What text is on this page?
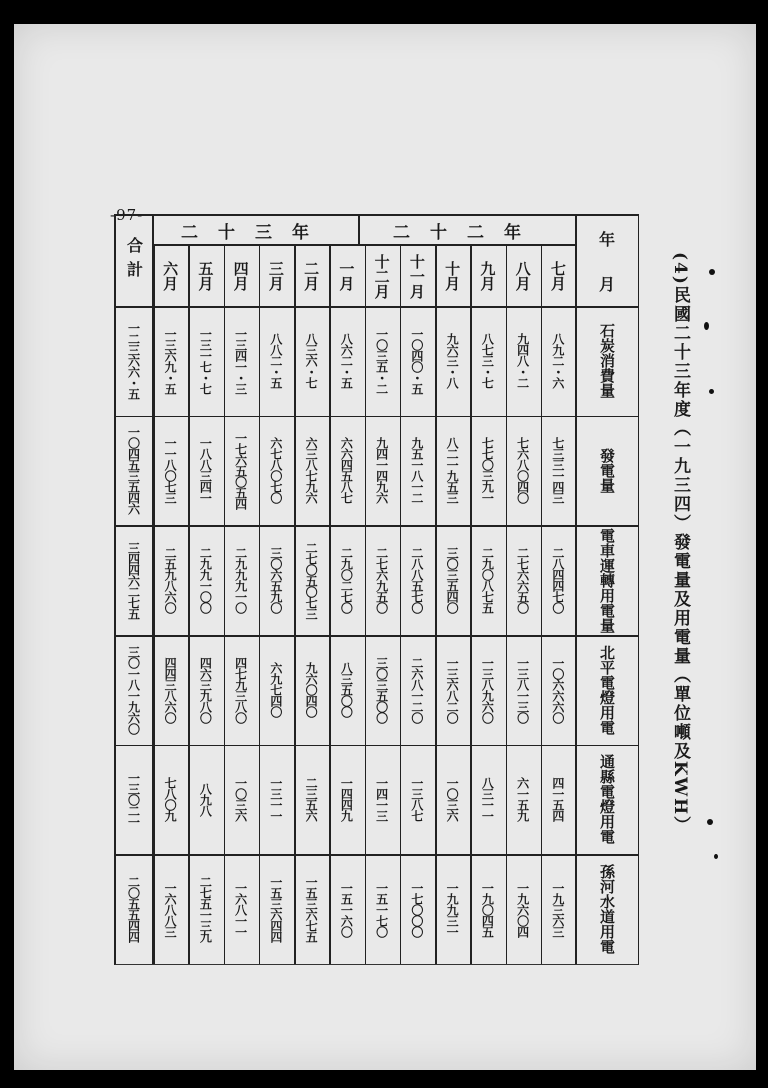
-97-
(4)民國二十三年度（一九三四）發電量及用電量（單位噸及KWH）
二十三年	二十二年
合計	年
月
七月
八月
九月
十月
十一月
十二月
一月
二月
三月
四月
五月
六月
石炭消費量
八九二・六
九四八・二
八七三・七
九六三・八
一〇四〇・五
一〇三五・二
八六二・五
八三六・七
八八二・五
一三四一・三
一三一七・七
一三六九・五
一二三六六・五
發電量
七三三一四三
七六八〇四〇
七七〇三九一
八二一九五三
九五一八一二
九四一四九六
六六四五八七
六三八七九六
六七八〇七〇
一七六五〇五四
一八八三四一
一一八〇七三
一〇四五三五四六
電車運轉用電量
二八四四七〇
二七六六五〇
二九〇八七五
三〇三五四〇
二八八五七〇
二七六九五〇
二九〇二七〇
二七〇五〇七三
三〇六五九〇
二九九九一〇
二九九一〇〇
二五九八六〇
三四四六二七五
北平電燈用電
一〇六六六〇
一三八一三〇
一三八九六〇
一三六八二〇
二六八一二〇
三〇三五〇〇
八三五〇〇
九六〇四〇
六九七四〇
四七九三八〇
四六三九八〇
四四三八六〇
三〇一八一九六〇
通縣電燈用電
四一五四
六一五九
八三一一
一〇三六
一三八七
一四一三
一四四九
二三五六
一三一一
一〇三六
八九八
七八〇九
一三〇二一
孫河水道用電
一九三六三
一九六〇四
一九〇四五
一九九三一
一七〇〇〇
一五一七〇
一五一六〇
一五三六七五
一五三六四四
一六八一一
二七五一三九
一六八八三
二〇五五四四
